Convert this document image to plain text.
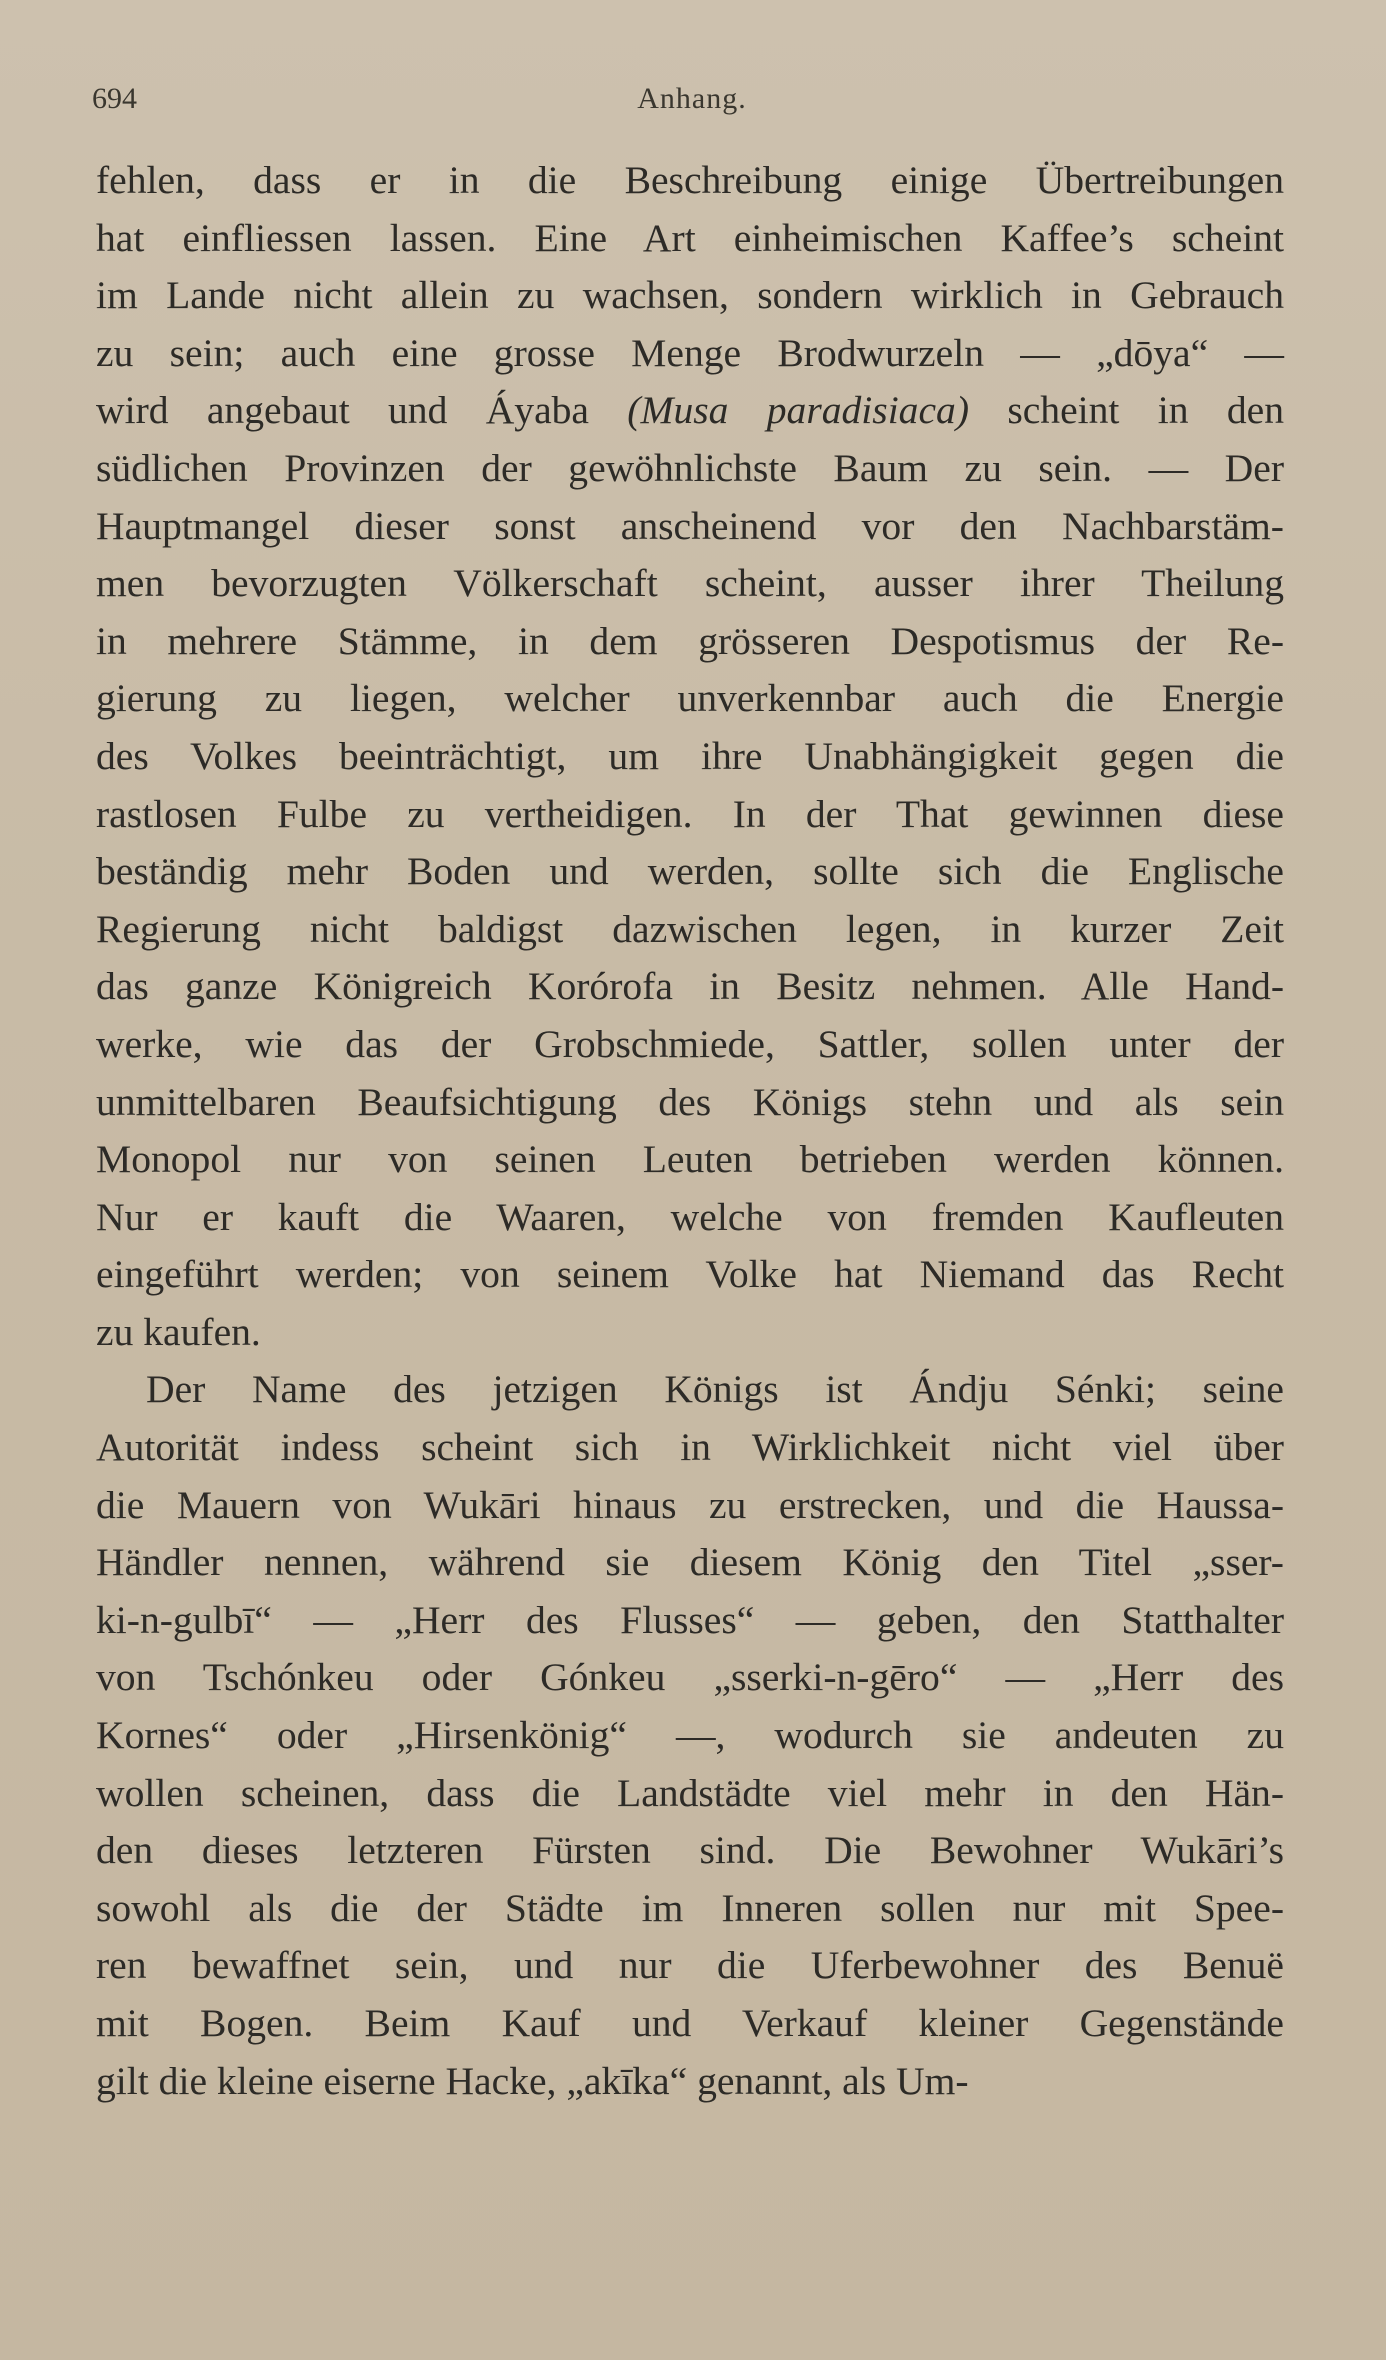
694	Anhang.
fehlen, dass er in die Beschreibung einige Übertreibungen
hat einfliessen lassen. Eine Art einheimischen Kaffee’s scheint
im Lande nicht allein zu wachsen, sondern wirklich in Gebrauch
zu sein; auch eine grosse Menge Brodwurzeln — „dōya“ —
wird angebaut und Áyaba (Musa paradisiaca) scheint in den
südlichen Provinzen der gewöhnlichste Baum zu sein. — Der
Hauptmangel dieser sonst anscheinend vor den Nachbarstäm-
men bevorzugten Völkerschaft scheint, ausser ihrer Theilung
in mehrere Stämme, in dem grösseren Despotismus der Re-
gierung zu liegen, welcher unverkennbar auch die Energie
des Volkes beeinträchtigt, um ihre Unabhängigkeit gegen die
rastlosen Fulbe zu vertheidigen. In der That gewinnen diese
beständig mehr Boden und werden, sollte sich die Englische
Regierung nicht baldigst dazwischen legen, in kurzer Zeit
das ganze Königreich Korórofa in Besitz nehmen. Alle Hand-
werke, wie das der Grobschmiede, Sattler, sollen unter der
unmittelbaren Beaufsichtigung des Königs stehn und als sein
Monopol nur von seinen Leuten betrieben werden können.
Nur er kauft die Waaren, welche von fremden Kaufleuten
eingeführt werden; von seinem Volke hat Niemand das Recht
zu kaufen.
Der Name des jetzigen Königs ist Ándju Sénki; seine
Autorität indess scheint sich in Wirklichkeit nicht viel über
die Mauern von Wukāri hinaus zu erstrecken, und die Haussa-
Händler nennen, während sie diesem König den Titel „sser-
ki-n-gulbī“ — „Herr des Flusses“ — geben, den Statthalter
von Tschónkeu oder Gónkeu „sserki-n-gēro“ — „Herr des
Kornes“ oder „Hirsenkönig“ —, wodurch sie andeuten zu
wollen scheinen, dass die Landstädte viel mehr in den Hän-
den dieses letzteren Fürsten sind. Die Bewohner Wukāri’s
sowohl als die der Städte im Inneren sollen nur mit Spee-
ren bewaffnet sein, und nur die Uferbewohner des Benuë
mit Bogen. Beim Kauf und Verkauf kleiner Gegenstände
gilt die kleine eiserne Hacke, „akīka“ genannt, als Um-
